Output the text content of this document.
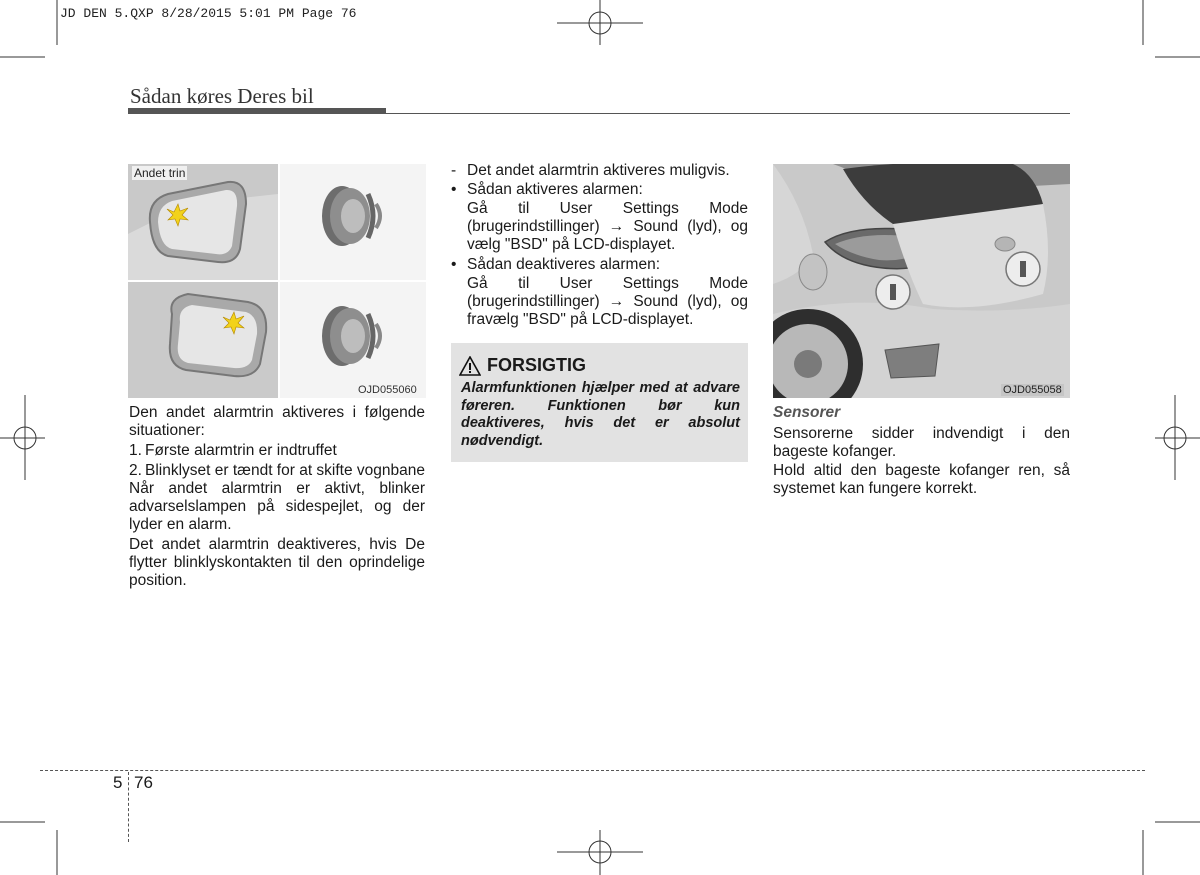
JD DEN 5.QXP 8/28/2015 5:01 PM Page 76
Sådan køres Deres bil
Andet trin
OJD055060

Den andet alarmtrin aktiveres i følgende situationer:

1. Første alarmtrin er indtruffet
2. Blinklyset er tændt for at skifte vognbane

Når andet alarmtrin er aktivt, blinker advarselslampen på sidespejlet, og der lyder en alarm.

Det andet alarmtrin deaktiveres, hvis De flytter blinklyskontakten til den oprindelige position.

- Det andet alarmtrin aktiveres muligvis.
• Sådan aktiveres alarmen:

Gå til User Settings Mode (brugerindstillinger) → Sound (lyd), og vælg "BSD" på LCD-displayet.

• Sådan deaktiveres alarmen:

Gå til User Settings Mode (brugerindstillinger) → Sound (lyd), og fravælg "BSD" på LCD-displayet.

FORSIGTIG
Alarmfunktionen hjælper med at advare føreren. Funktionen bør kun deaktiveres, hvis det er absolut nødvendigt.
OJD055058

Sensorer

Sensorerne sidder indvendigt i den bageste kofanger.

Hold altid den bageste kofanger ren, så systemet kan fungere korrekt.

5 76
